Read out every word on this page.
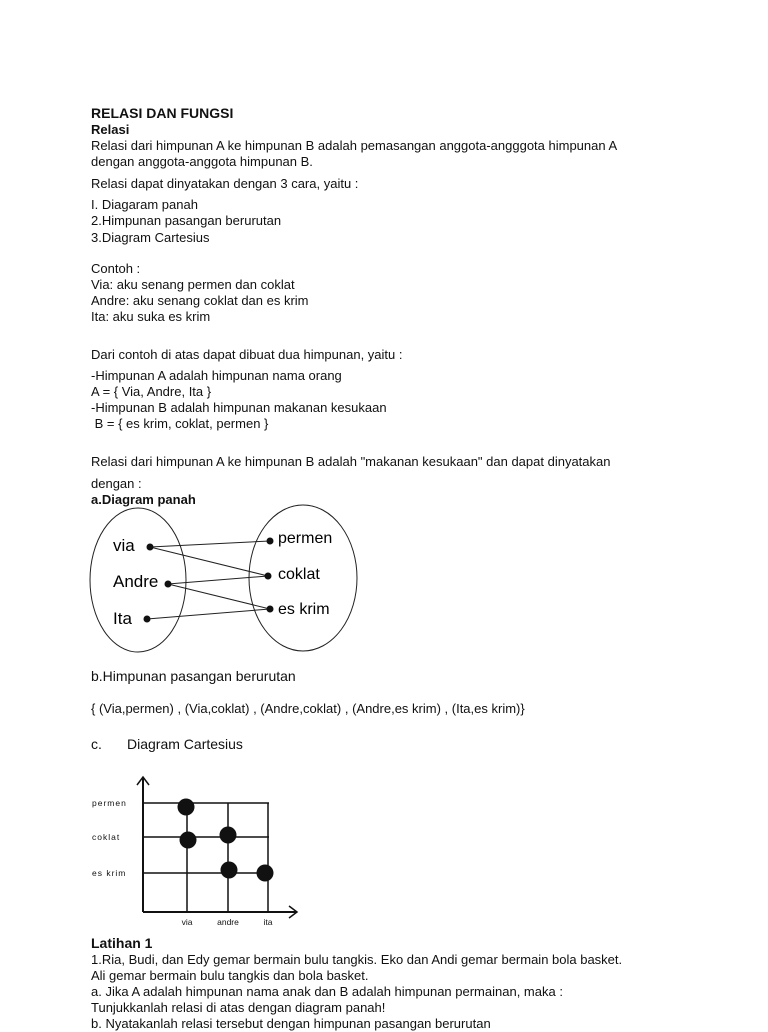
RELASI DAN FUNGSI
Relasi
Relasi dari himpunan A ke himpunan B adalah pemasangan anggota-angggota himpunan A
dengan anggota-anggota himpunan B.
Relasi dapat dinyatakan dengan 3 cara, yaitu :
I. Diagaram panah
2.Himpunan pasangan berurutan
3.Diagram Cartesius
Contoh :
Via: aku senang permen dan coklat
Andre: aku senang coklat dan es krim
Ita: aku suka es krim
Dari contoh di atas dapat dibuat dua himpunan, yaitu :
-Himpunan A adalah himpunan nama orang
A = { Via, Andre, Ita }
-Himpunan B adalah himpunan makanan kesukaan
B = { es krim, coklat, permen }
Relasi dari himpunan A ke himpunan B adalah "makanan kesukaan" dan dapat dinyatakan
dengan :
a.Diagram panah
via
Andre
Ita
permen
coklat
es krim
b.Himpunan pasangan berurutan
{ (Via,permen) , (Via,coklat) , (Andre,coklat) , (Andre,es krim) , (Ita,es krim)}
c. Diagram Cartesius
es krim
coklat
permen
via	andre	ita
Latihan 1
1.Ria, Budi, dan Edy gemar bermain bulu tangkis. Eko dan Andi gemar bermain bola basket.
Ali gemar bermain bulu tangkis dan bola basket.
a. Jika A adalah himpunan nama anak dan B adalah himpunan permainan, maka :
Tunjukkanlah relasi di atas dengan diagram panah!
b. Nyatakanlah relasi tersebut dengan himpunan pasangan berurutan
